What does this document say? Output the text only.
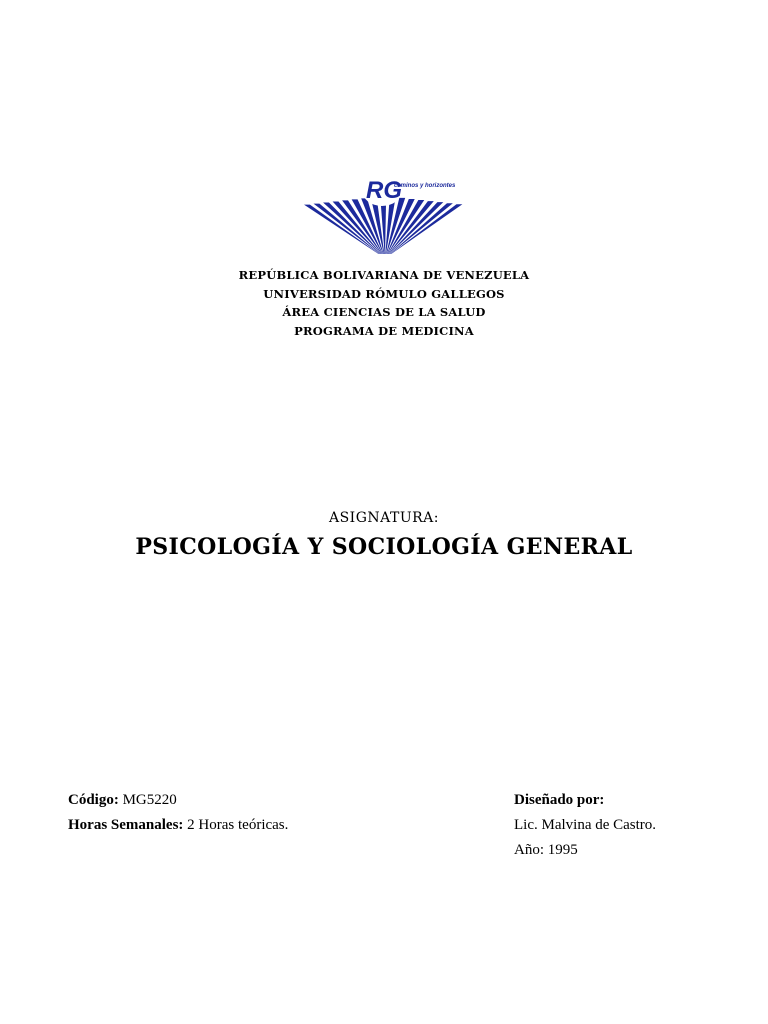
RG
caminos y horizontes
REPÚBLICA BOLIVARIANA DE VENEZUELA
UNIVERSIDAD RÓMULO GALLEGOS
ÁREA CIENCIAS DE LA SALUD
PROGRAMA DE MEDICINA
ASIGNATURA:
PSICOLOGÍA Y SOCIOLOGÍA GENERAL
Código: MG5220
Horas Semanales: 2 Horas teóricas.
Diseñado por:
Lic. Malvina de Castro.
Año: 1995
